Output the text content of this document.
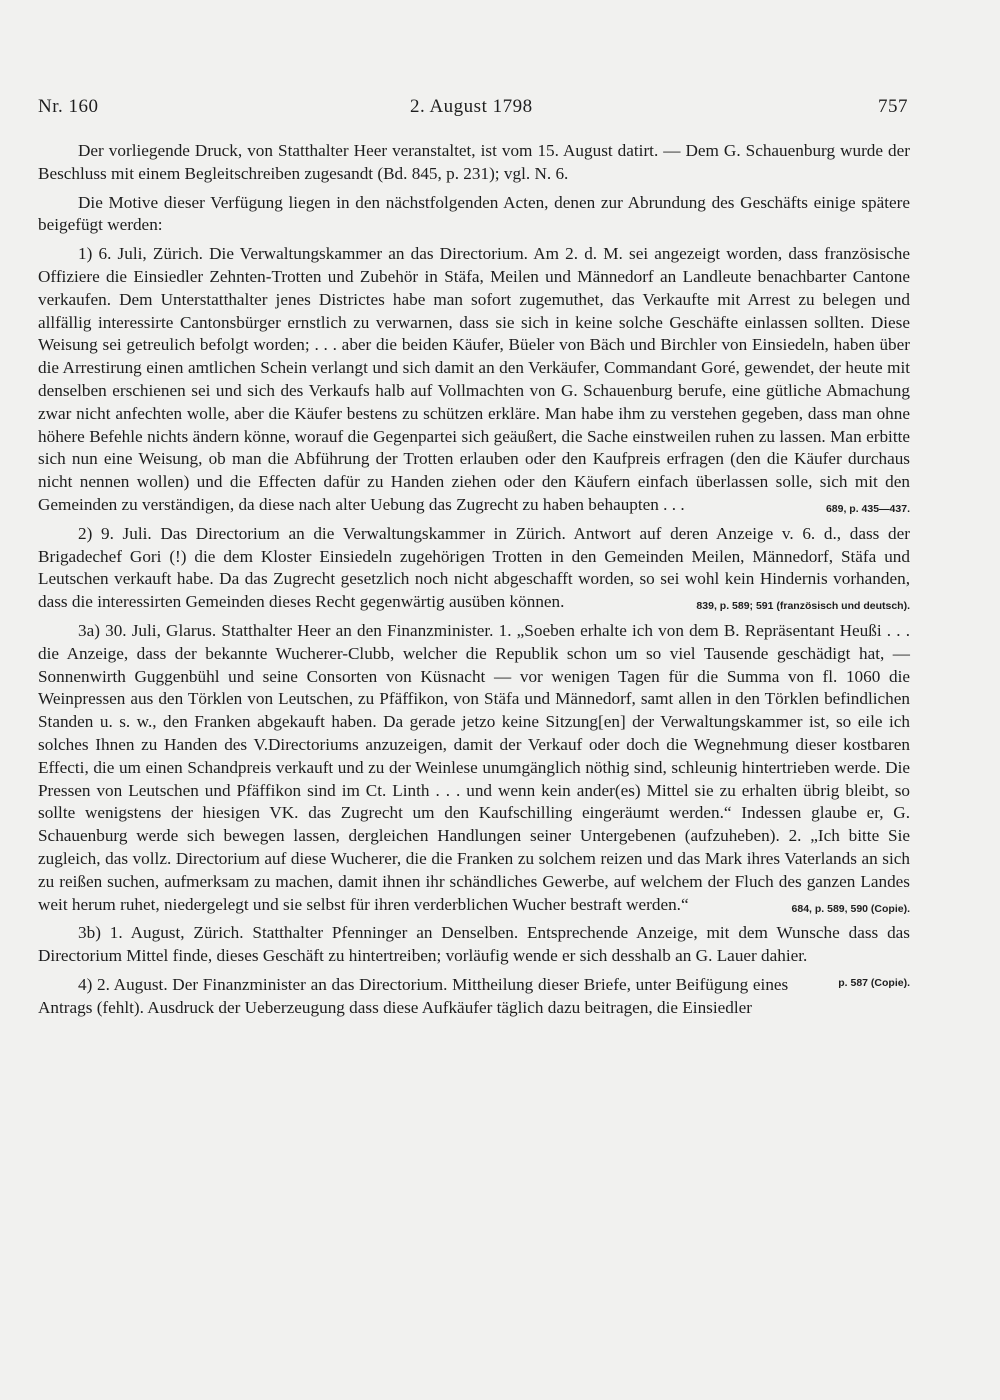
Nr. 160	2. August 1798	757

Der vorliegende Druck, von Statthalter Heer veranstaltet, ist vom 15. August datirt. — Dem G. Schauenburg wurde der Beschluss mit einem Begleitschreiben zugesandt (Bd. 845, p. 231); vgl. N. 6.

Die Motive dieser Verfügung liegen in den nächstfolgenden Acten, denen zur Abrundung des Geschäfts einige spätere beigefügt werden:

1) 6. Juli, Zürich. Die Verwaltungskammer an das Directorium. Am 2. d. M. sei angezeigt worden, dass französische Offiziere die Einsiedler Zehnten-Trotten und Zubehör in Stäfa, Meilen und Männedorf an Landleute benachbarter Cantone verkaufen. Dem Unterstatthalter jenes Districtes habe man sofort zugemuthet, das Verkaufte mit Arrest zu belegen und allfällig interessirte Cantonsbürger ernstlich zu verwarnen, dass sie sich in keine solche Geschäfte einlassen sollten. Diese Weisung sei getreulich befolgt worden; . . . aber die beiden Käufer, Büeler von Bäch und Birchler von Einsiedeln, haben über die Arrestirung einen amtlichen Schein verlangt und sich damit an den Verkäufer, Commandant Goré, gewendet, der heute mit denselben erschienen sei und sich des Verkaufs halb auf Vollmachten von G. Schauenburg berufe, eine gütliche Abmachung zwar nicht anfechten wolle, aber die Käufer bestens zu schützen erkläre. Man habe ihm zu verstehen gegeben, dass man ohne höhere Befehle nichts ändern könne, worauf die Gegenpartei sich geäußert, die Sache einstweilen ruhen zu lassen. Man erbitte sich nun eine Weisung, ob man die Abführung der Trotten erlauben oder den Kaufpreis erfragen (den die Käufer durchaus nicht nennen wollen) und die Effecten dafür zu Handen ziehen oder den Käufern einfach überlassen solle, sich mit den Gemeinden zu verständigen, da diese nach alter Uebung das Zugrecht zu haben behaupten . . .	689, p. 435—437.

2) 9. Juli. Das Directorium an die Verwaltungskammer in Zürich. Antwort auf deren Anzeige v. 6. d., dass der Brigadechef Gori (!) die dem Kloster Einsiedeln zugehörigen Trotten in den Gemeinden Meilen, Männedorf, Stäfa und Leutschen verkauft habe. Da das Zugrecht gesetzlich noch nicht abgeschafft worden, so sei wohl kein Hindernis vorhanden, dass die interessirten Gemeinden dieses Recht gegenwärtig ausüben können.	839, p. 589; 591 (französisch und deutsch).

3a) 30. Juli, Glarus. Statthalter Heer an den Finanzminister. 1. „Soeben erhalte ich von dem B. Repräsentant Heußi . . . die Anzeige, dass der bekannte Wucherer-Clubb, welcher die Republik schon um so viel Tausende geschädigt hat, — Sonnenwirth Guggenbühl und seine Consorten von Küsnacht — vor wenigen Tagen für die Summa von fl. 1060 die Weinpressen aus den Törklen von Leutschen, zu Pfäffikon, von Stäfa und Männedorf, samt allen in den Törklen befindlichen Standen u. s. w., den Franken abgekauft haben. Da gerade jetzo keine Sitzung[en] der Verwaltungskammer ist, so eile ich solches Ihnen zu Handen des V.Directoriums anzuzeigen, damit der Verkauf oder doch die Wegnehmung dieser kostbaren Effecti, die um einen Schandpreis verkauft und zu der Weinlese unumgänglich nöthig sind, schleunig hintertrieben werde. Die Pressen von Leutschen und Pfäffikon sind im Ct. Linth . . . und wenn kein ander(es) Mittel sie zu erhalten übrig bleibt, so sollte wenigstens der hiesigen VK. das Zugrecht um den Kaufschilling eingeräumt werden.“ Indessen glaube er, G. Schauenburg werde sich bewegen lassen, dergleichen Handlungen seiner Untergebenen (aufzuheben). 2. „Ich bitte Sie zugleich, das vollz. Directorium auf diese Wucherer, die die Franken zu solchem reizen und das Mark ihres Vaterlands an sich zu reißen suchen, aufmerksam zu machen, damit ihnen ihr schändliches Gewerbe, auf welchem der Fluch des ganzen Landes weit herum ruhet, niedergelegt und sie selbst für ihren verderblichen Wucher bestraft werden.“	684, p. 589, 590 (Copie).

3b) 1. August, Zürich. Statthalter Pfenninger an Denselben. Entsprechende Anzeige, mit dem Wunsche dass das Directorium Mittel finde, dieses Geschäft zu hintertreiben; vorläufig wende er sich desshalb an G. Lauer dahier.
p. 587 (Copie).

4) 2. August. Der Finanzminister an das Directorium. Mittheilung dieser Briefe, unter Beifügung eines Antrags (fehlt). Ausdruck der Ueberzeugung dass diese Aufkäufer täglich dazu beitragen, die Einsiedler
